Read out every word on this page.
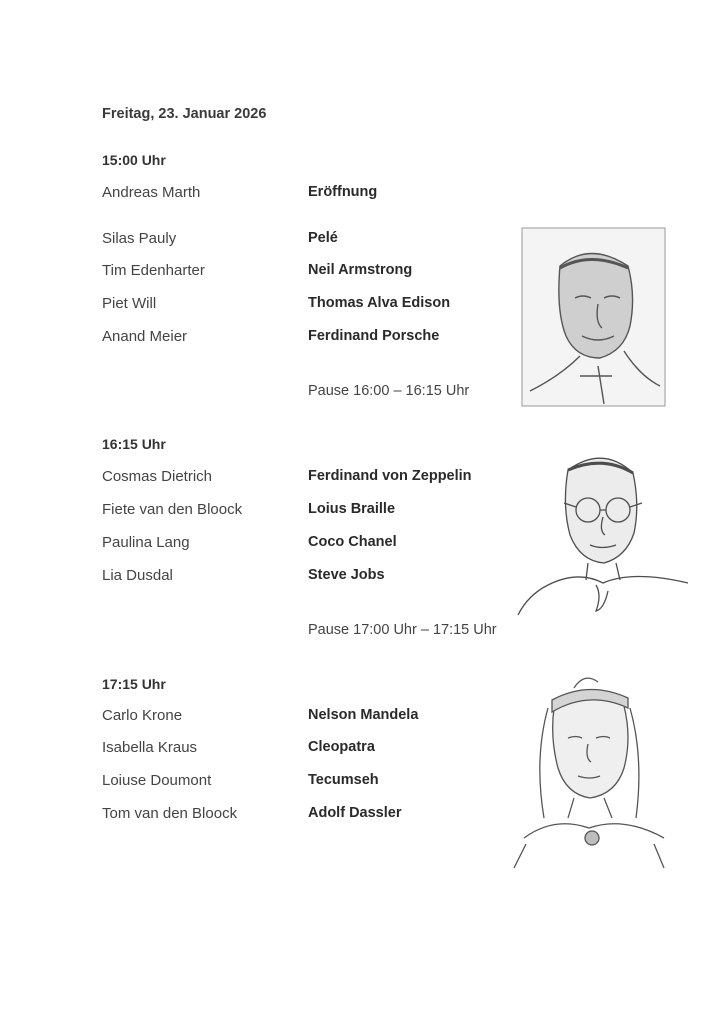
Freitag, 23. Januar 2026
15:00 Uhr
Andreas Marth	Eröffnung
Silas Pauly	Pelé
Tim Edenharter	Neil Armstrong
Piet Will	Thomas Alva Edison
Anand Meier	Ferdinand Porsche
Pause 16:00 – 16:15 Uhr
16:15 Uhr
Cosmas Dietrich	Ferdinand von Zeppelin
Fiete van den Bloock	Loius Braille
Paulina Lang	Coco Chanel
Lia Dusdal	Steve Jobs
Pause 17:00 Uhr – 17:15 Uhr
17:15 Uhr
Carlo Krone	Nelson Mandela
Isabella Kraus	Cleopatra
Loiuse Doumont	Tecumseh
Tom van den Bloock	Adolf Dassler
